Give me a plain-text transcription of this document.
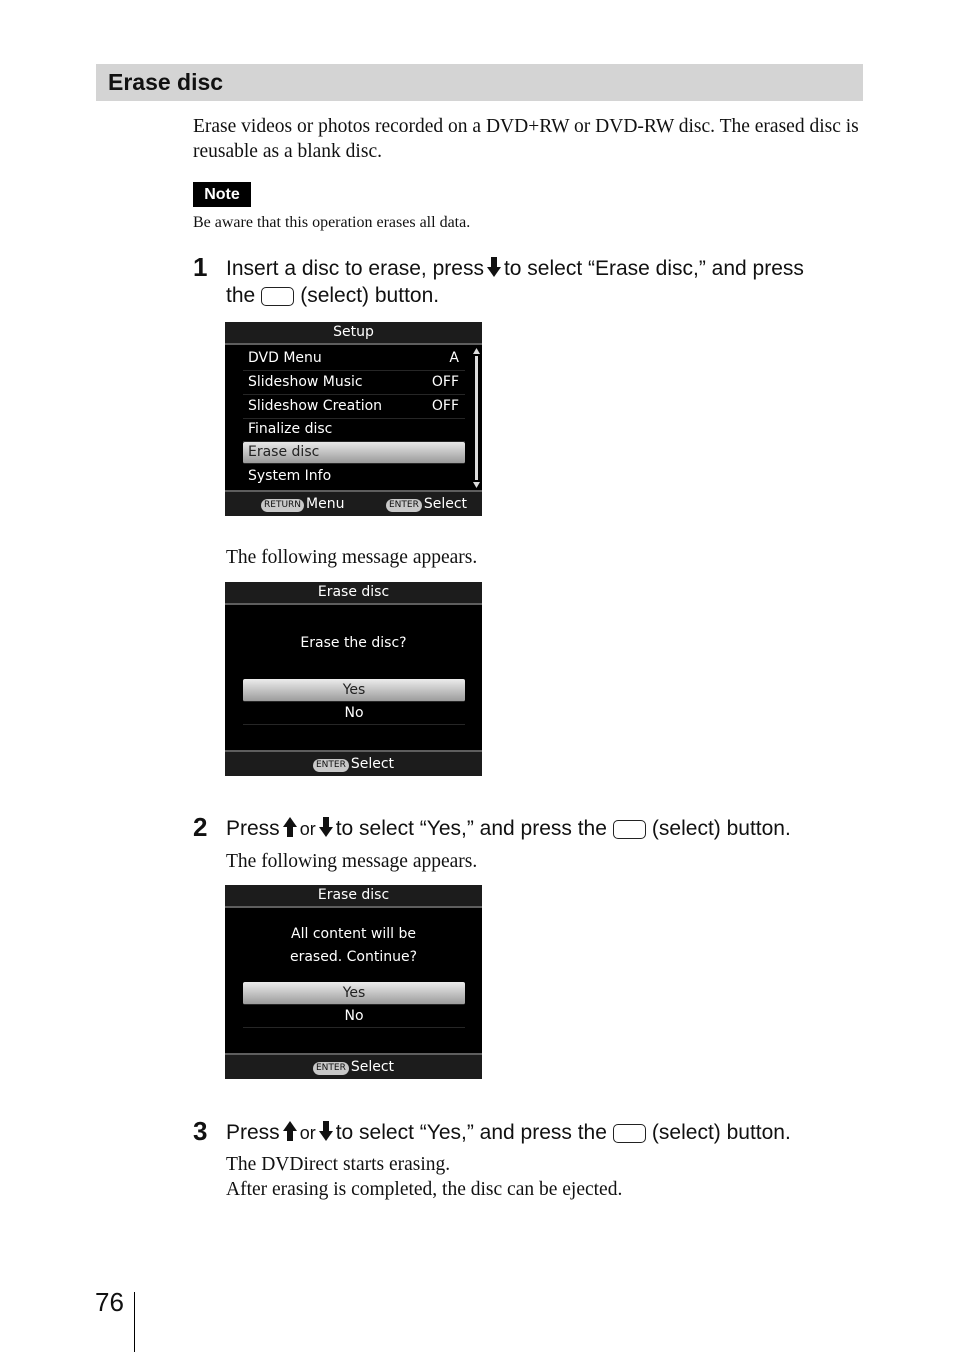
Erase disc
Erase videos or photos recorded on a DVD+RW or DVD-RW disc. The erased disc is reusable as a blank disc.
Note
Be aware that this operation erases all data.
1 Insert a disc to erase, press to select “Erase disc,” and press
the (select) button.
Setup
DVD Menu	A
Slideshow Music	OFF
Slideshow Creation	OFF
Finalize disc
Erase disc
System Info
RETURN Menu	ENTER Select
The following message appears.
Erase disc
Erase the disc?
Yes
No
ENTER Select
2 Press or to select “Yes,” and press the (select) button.
The following message appears.
Erase disc
All content will be
erased. Continue?
Yes
No
ENTER Select
3 Press or to select “Yes,” and press the (select) button.
The DVDirect starts erasing.
After erasing is completed, the disc can be ejected.
76
